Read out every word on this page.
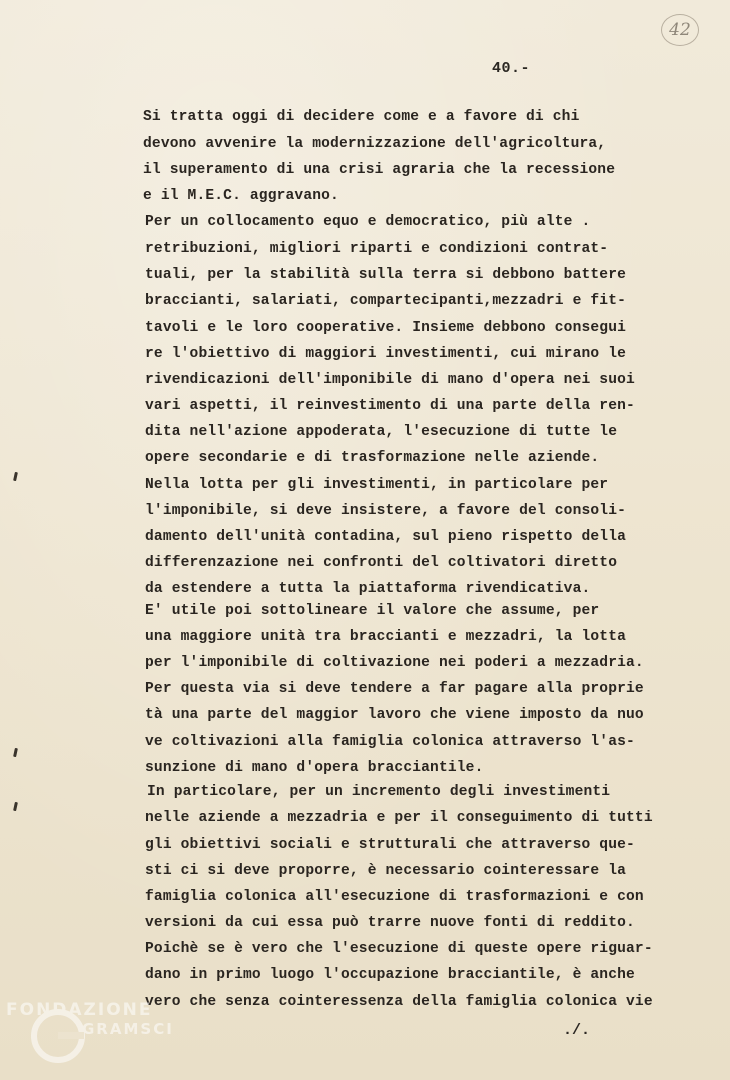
42
40.-
Si tratta oggi di decidere come e a favore di chi
devono avvenire la modernizzazione dell'agricoltura,
il superamento di una crisi agraria che la recessione
e il M.E.C. aggravano.
Per un collocamento equo e democratico, più alte .
retribuzioni, migliori riparti e condizioni contrat-
tuali, per la stabilità sulla terra si debbono battere
braccianti, salariati, compartecipanti,mezzadri e fit-
tavoli e le loro cooperative. Insieme debbono consegui
re l'obiettivo di maggiori investimenti, cui mirano le
rivendicazioni dell'imponibile di mano d'opera nei suoi
vari aspetti, il reinvestimento di una parte della ren-
dita nell'azione appoderata, l'esecuzione di tutte le
opere secondarie e di trasformazione nelle aziende.
Nella lotta per gli investimenti, in particolare per
l'imponibile, si deve insistere, a favore del consoli-
damento dell'unità contadina, sul pieno rispetto della
differenzazione nei confronti del coltivatori diretto
da estendere a tutta la piattaforma rivendicativa.
E' utile poi sottolineare il valore che assume, per
una maggiore unità tra braccianti e mezzadri, la lotta
per l'imponibile di coltivazione nei poderi a mezzadria.
Per questa via si deve tendere a far pagare alla proprie
tà una parte del maggior lavoro che viene imposto da nuo
ve coltivazioni alla famiglia colonica attraverso l'as-
sunzione di mano d'opera bracciantile.
In particolare, per un incremento degli investimenti
nelle aziende a mezzadria e per il conseguimento di tutti
gli obiettivi sociali e strutturali che attraverso que-
sti ci si deve proporre, è necessario cointeressare la
famiglia colonica all'esecuzione di trasformazioni e con
versioni da cui essa può trarre nuove fonti di reddito.
Poichè se è vero che l'esecuzione di queste opere riguar-
dano in primo luogo l'occupazione bracciantile, è anche
vero che senza cointeressenza della famiglia colonica vie
./.
FONDAZIONE
GRAMSCI
